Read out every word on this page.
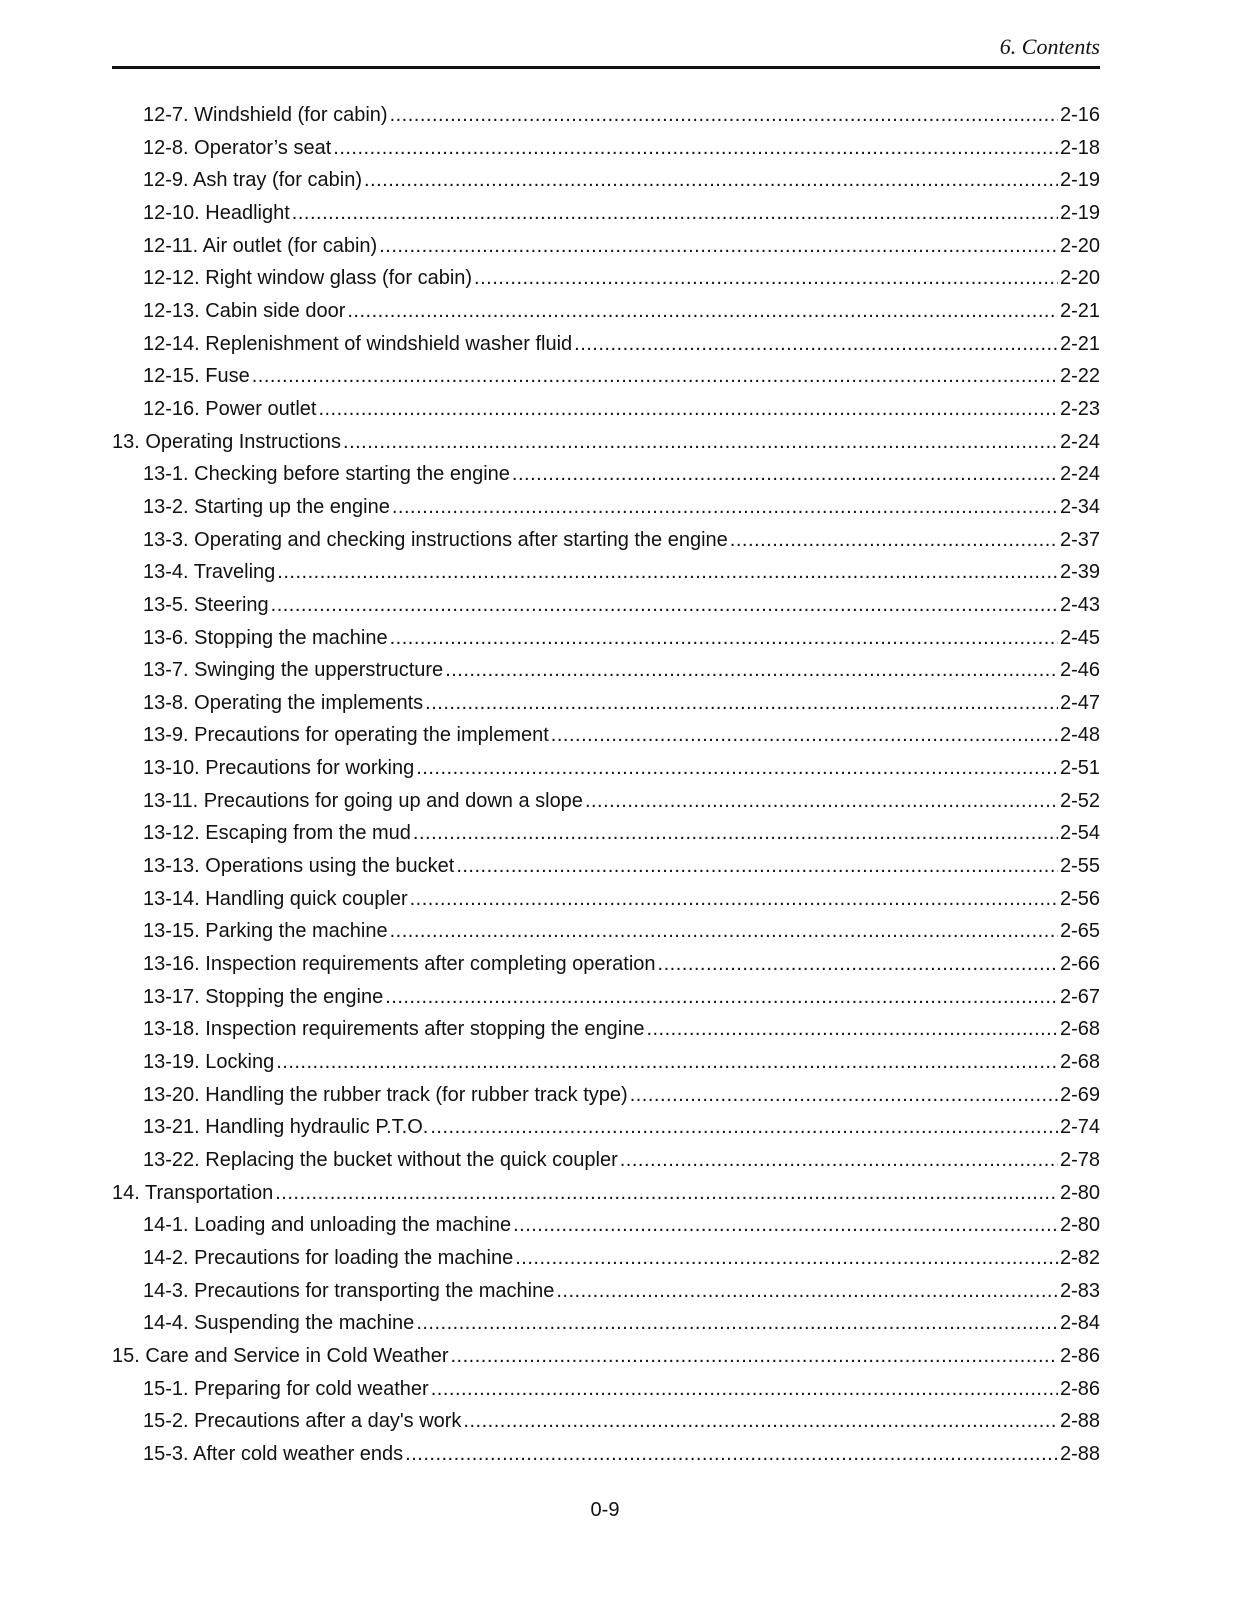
6. Contents
12-7. Windshield (for cabin) .....	2-16
12-8. Operator’s seat .....	2-18
12-9. Ash tray (for cabin) .....	2-19
12-10. Headlight .....	2-19
12-11. Air outlet (for cabin) .....	2-20
12-12. Right window glass (for cabin) .....	2-20
12-13. Cabin side door .....	2-21
12-14. Replenishment of windshield washer fluid .....	2-21
12-15. Fuse .....	2-22
12-16. Power outlet .....	2-23
13. Operating Instructions .....	2-24
13-1. Checking before starting the engine .....	2-24
13-2. Starting up the engine .....	2-34
13-3. Operating and checking instructions after starting the engine .....	2-37
13-4. Traveling .....	2-39
13-5. Steering .....	2-43
13-6. Stopping the machine .....	2-45
13-7. Swinging the upperstructure .....	2-46
13-8. Operating the implements .....	2-47
13-9. Precautions for operating the implement .....	2-48
13-10. Precautions for working .....	2-51
13-11. Precautions for going up and down a slope .....	2-52
13-12. Escaping from the mud .....	2-54
13-13. Operations using the bucket .....	2-55
13-14. Handling quick coupler .....	2-56
13-15. Parking the machine .....	2-65
13-16. Inspection requirements after completing operation .....	2-66
13-17. Stopping the engine .....	2-67
13-18. Inspection requirements after stopping the engine .....	2-68
13-19. Locking .....	2-68
13-20. Handling the rubber track (for rubber track type) .....	2-69
13-21. Handling hydraulic P.T.O. .....	2-74
13-22. Replacing the bucket without the quick coupler .....	2-78
14. Transportation .....	2-80
14-1. Loading and unloading the machine .....	2-80
14-2. Precautions for loading the machine .....	2-82
14-3. Precautions for transporting the machine .....	2-83
14-4. Suspending the machine .....	2-84
15. Care and Service in Cold Weather .....	2-86
15-1. Preparing for cold weather .....	2-86
15-2. Precautions after a day's work .....	2-88
15-3. After cold weather ends .....	2-88
0-9
